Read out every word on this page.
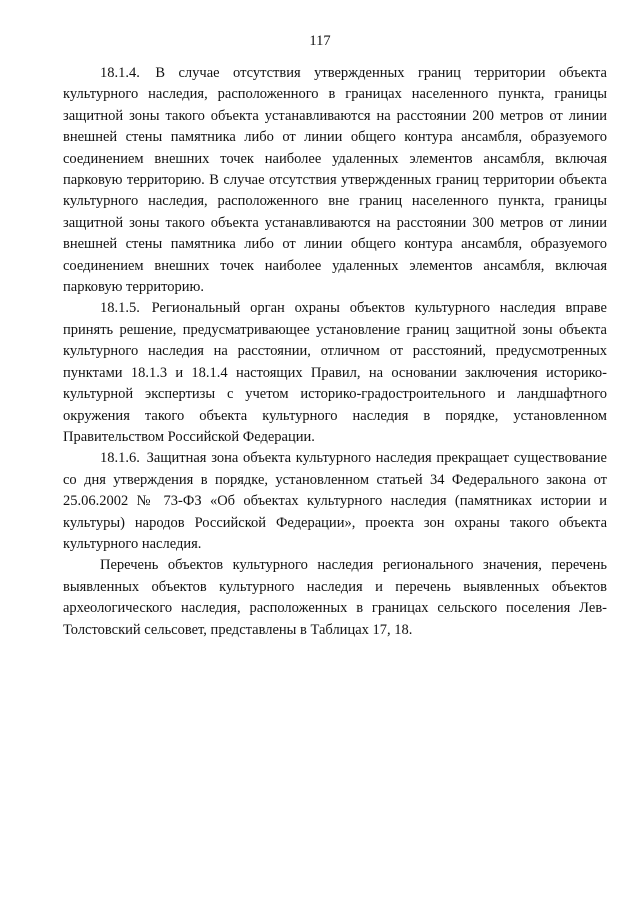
117

18.1.4. В случае отсутствия утвержденных границ территории объекта культурного наследия, расположенного в границах населенного пункта, границы защитной зоны такого объекта устанавливаются на расстоянии 200 метров от линии внешней стены памятника либо от линии общего контура ансамбля, образуемого соединением внешних точек наиболее удаленных элементов ансамбля, включая парковую территорию. В случае отсутствия утвержденных границ территории объекта культурного наследия, расположенного вне границ населенного пункта, границы защитной зоны такого объекта устанавливаются на расстоянии 300 метров от линии внешней стены памятника либо от линии общего контура ансамбля, образуемого соединением внешних точек наиболее удаленных элементов ансамбля, включая парковую территорию.

18.1.5. Региональный орган охраны объектов культурного наследия вправе принять решение, предусматривающее установление границ защитной зоны объекта культурного наследия на расстоянии, отличном от расстояний, предусмотренных пунктами 18.1.3 и 18.1.4 настоящих Правил, на основании заключения историко-культурной экспертизы с учетом историко-градостроительного и ландшафтного окружения такого объекта культурного наследия в порядке, установленном Правительством Российской Федерации.

18.1.6. Защитная зона объекта культурного наследия прекращает существование со дня утверждения в порядке, установленном статьей 34 Федерального закона от 25.06.2002 № 73-ФЗ «Об объектах культурного наследия (памятниках истории и культуры) народов Российской Федерации», проекта зон охраны такого объекта культурного наследия.

Перечень объектов культурного наследия регионального значения, перечень выявленных объектов культурного наследия и перечень выявленных объектов археологического наследия, расположенных в границах сельского поселения Лев-Толстовский сельсовет, представлены в Таблицах 17, 18.
